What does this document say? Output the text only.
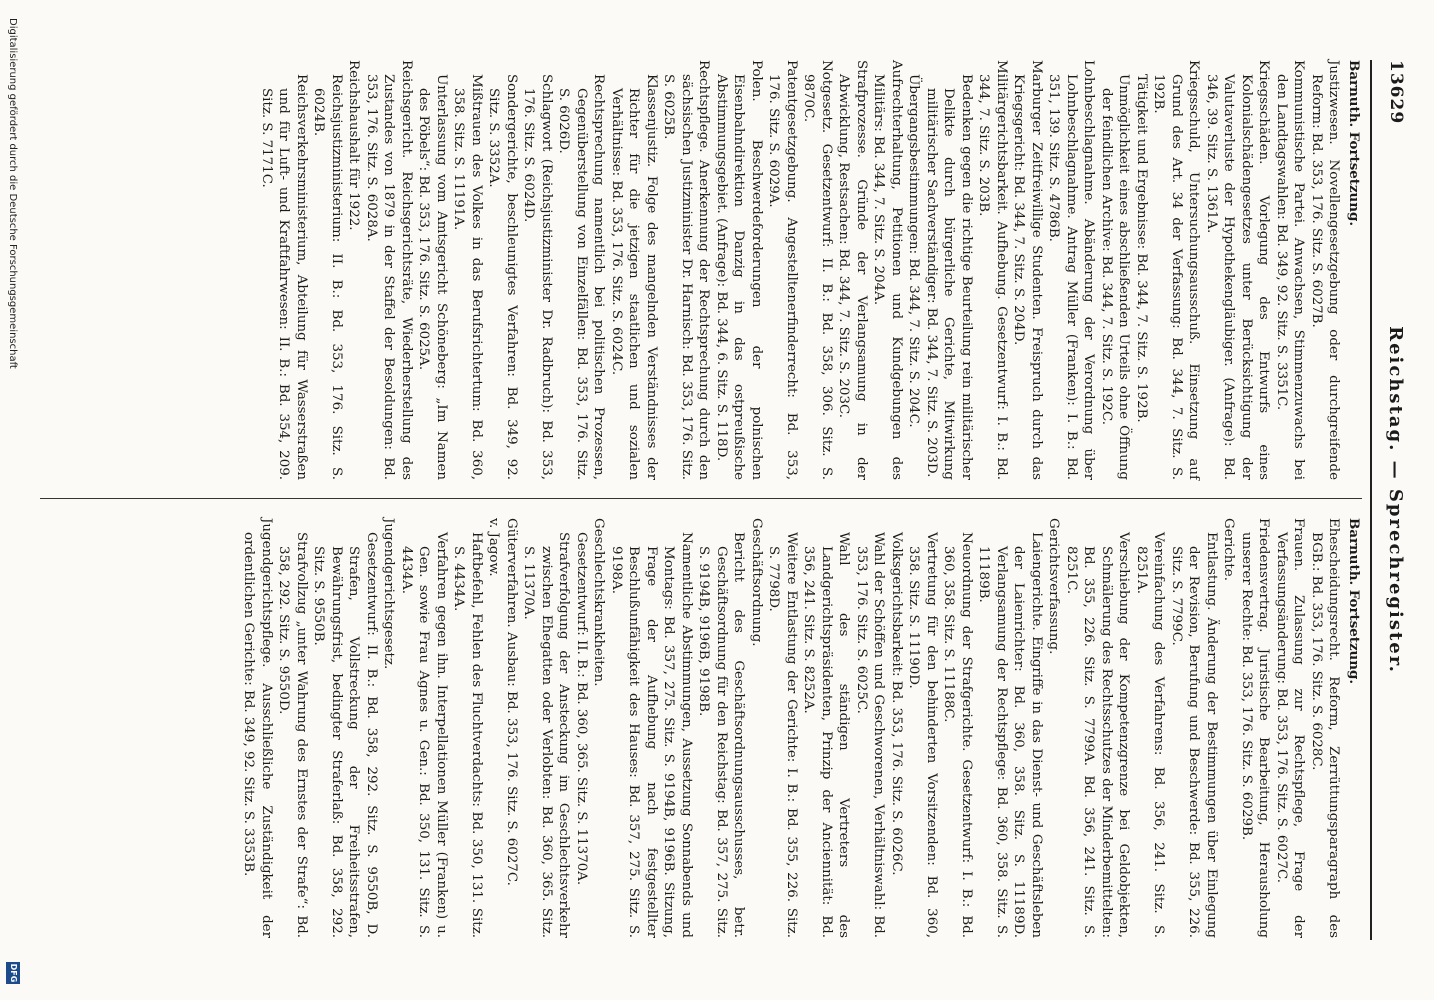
13629
Reichstag. — Sprechregister.
Barnuth. Fortsetzung.

Justizwesen. Novellengesetzgebung oder durchgreifende Reform: Bd. 353, 176. Sitz. S. 6027B.

Kommunistische Partei. Anwachsen, Stimmenzuwachs bei den Landtagswahlen: Bd. 349, 92. Sitz. S. 3351C.

Kriegsschäden. Vorlegung des Entwurfs eines Kolonialschädengesetzes unter Berücksichtigung der Valutaverluste der Hypothekengläubiger. (Anfrage): Bd. 346, 39. Sitz. S. 1361A.

Kriegsschuld, Untersuchungsausschuß. Einsetzung auf Grund des Art. 34 der Verfassung: Bd. 344, 7. Sitz. S. 192B.

Tätigkeit und Ergebnisse: Bd. 344, 7. Sitz. S. 192B.

Unmöglichkeit eines abschließenden Urteils ohne Öffnung der feindlichen Archive: Bd. 344, 7. Sitz. S. 192C.

Lohnbeschlagnahme. Abänderung der Verordnung über Lohnbeschlagnahme. Antrag Müller (Franken): I. B.: Bd. 351, 139. Sitz. S. 4786B.

Marburger Zeitfreiwillige Studenten. Freispruch durch das Kriegsgericht: Bd. 344, 7. Sitz. S. 204D.

Militärgerichtsbarkeit. Aufhebung. Gesetzentwurf: I. B.: Bd. 344, 7. Sitz. S. 203B.

Bedenken gegen die richtige Beurteilung rein militärischer Delikte durch bürgerliche Gerichte, Mitwirkung militärischer Sachverständiger: Bd. 344, 7. Sitz. S. 203D.

Übergangsbestimmungen: Bd. 344, 7. Sitz. S. 204C.

Aufrechterhaltung, Petitionen und Kundgebungen des Militärs: Bd. 344, 7. Sitz. S. 204A.

Strafprozesse. Gründe der Verlangsamung in der Abwicklung, Restsachen: Bd. 344, 7. Sitz. S. 203C.

Notgesetz. Gesetzentwurf: II. B.: Bd. 358, 306. Sitz. S. 9870C.

Patentgesetzgebung. Angestelltenerfinderrecht: Bd. 353, 176. Sitz. S. 6029A.

Polen. Beschwerdeforderungen der polnischen Eisenbahndirektion Danzig in das ostpreußische Abstimmungsgebiet. (Anfrage): Bd. 344, 6. Sitz. S. 118D.

Rechtspflege. Anerkennung der Rechtsprechung durch den sächsischen Justizminister Dr. Harnisch: Bd. 353, 176. Sitz. S. 6025B.

Klassenjustiz. Folge des mangelnden Verständnisses der Richter für die jetzigen staatlichen und sozialen Verhältnisse: Bd. 353, 176. Sitz. S. 6024C.

Rechtsprechung namentlich bei politischen Prozessen, Gegenüberstellung von Einzelfällen: Bd. 353, 176. Sitz. S. 6026D.

Schlagwort (Reichsjustizminister Dr. Radbruch): Bd. 353, 176. Sitz. S. 6024D.

Sondergerichte, beschleunigtes Verfahren: Bd. 349, 92. Sitz. S. 3352A.

Mißtrauen des Volkes in das Berufsrichtertum: Bd. 360, 358. Sitz. S. 11191A.

Unterlassung vom Amtsgericht Schöneberg: „Im Namen des Pöbels“: Bd. 353, 176. Sitz. S. 6025A.

Reichsgericht. Reichsgerichtsräte, Wiederherstellung des Zustandes von 1879 in der Staffel der Besoldungen: Bd. 353, 176. Sitz. S. 6028A.

Reichshaushalt für 1922.

Reichsjustizministerium: II. B.: Bd. 353, 176. Sitz. S. 6024B.

Reichsverkehrsministerium, Abteilung für Wasserstraßen und für Luft- und Kraftfahrwesen: II. B.: Bd. 354, 209. Sitz. S. 7171C.

Barnuth. Fortsetzung.

Ehescheidungsrecht. Reform, Zerrüttungsparagraph des BGB.: Bd. 353, 176. Sitz. S. 6028C.

Frauen. Zulassung zur Rechtspflege, Frage der Verfassungsänderung: Bd. 353, 176. Sitz. S. 6027C.

Friedensvertrag. Juristische Bearbeitung, Herausholung unserer Rechte: Bd. 353, 176. Sitz. S. 6029B.

Gerichte.

Entlastung. Änderung der Bestimmungen über Einlegung der Revision, Berufung und Beschwerde: Bd. 355, 226. Sitz. S. 7799C.

Vereinfachung des Verfahrens: Bd. 356, 241. Sitz. S. 8251A.

Verschiebung der Kompetenzgrenze bei Geldobjekten, Schmälerung des Rechtsschutzes der Minderbemittelten: Bd. 355, 226. Sitz. S. 7799A. Bd. 356, 241. Sitz. S. 8251C.

Gerichtsverfassung.

Laiengerichte. Eingriffe in das Dienst- und Geschäftsleben der Laienrichter: Bd. 360, 358. Sitz. S. 11189D. Verlangsamung der Rechtspflege: Bd. 360, 358. Sitz. S. 11189B.

Neuordnung der Strafgerichte. Gesetzentwurf: I. B.: Bd. 360, 358. Sitz. S. 11188C.

Vertretung für den behinderten Vorsitzenden: Bd. 360, 358. Sitz. S. 11190D.

Volksgerichtsbarkeit: Bd. 353, 176. Sitz. S. 6026C.

Wahl der Schöffen und Geschworenen, Verhältniswahl: Bd. 353, 176. Sitz. S. 6025C.

Wahl des ständigen Vertreters des Landgerichtspräsidenten, Prinzip der Anciennität: Bd. 356, 241. Sitz. S. 8252A.

Weitere Entlastung der Gerichte: I. B.: Bd. 355, 226. Sitz. S. 7798D.

Geschäftsordnung.

Bericht des Geschäftsordnungsausschusses, betr. Geschäftsordnung für den Reichstag: Bd. 357, 275. Sitz. S. 9194B, 9196B, 9198B.

Namentliche Abstimmungen, Aussetzung Sonnabends und Montags: Bd. 357, 275. Sitz. S. 9194B, 9196B. Sitzung, Frage der Aufhebung nach festgestellter Beschlußunfähigkeit des Hauses: Bd. 357, 275. Sitz. S. 9198A.

Geschlechtskrankheiten.

Gesetzentwurf: II. B.: Bd. 360, 365. Sitz. S. 11370A.

Strafverfolgung der Ansteckung im Geschlechtsverkehr zwischen Ehegatten oder Verlobten: Bd. 360, 365. Sitz. S. 11370A.

Güterverfahren. Ausbau: Bd. 353, 176. Sitz. S. 6027C.

v. Jagow.

Haftbefehl, Fehlen des Fluchtverdachts: Bd. 350, 131. Sitz. S. 4434A.

Verfahren gegen ihn. Interpellationen Müller (Franken) u. Gen. sowie Frau Agnes u. Gen.: Bd. 350, 131. Sitz. S. 4434A.

Jugendgerichtsgesetz.

Gesetzentwurf: II. B.: Bd. 358, 292. Sitz. S. 9550B, D. Strafen, Vollstreckung der Freiheitsstrafen, Bewährungsfrist, bedingter Straferlaß: Bd. 358, 292. Sitz. S. 9550B.

Strafvollzug „unter Wahrung des Ernstes der Strafe“: Bd. 358, 292. Sitz. S. 9550D.

Jugendgerichtspflege. Ausschließliche Zuständigkeit der ordentlichen Gerichte: Bd. 349, 92. Sitz. S. 3353B.

Digitalisierung gefördert durch die Deutsche Forschungsgemeinschaft
DFG
